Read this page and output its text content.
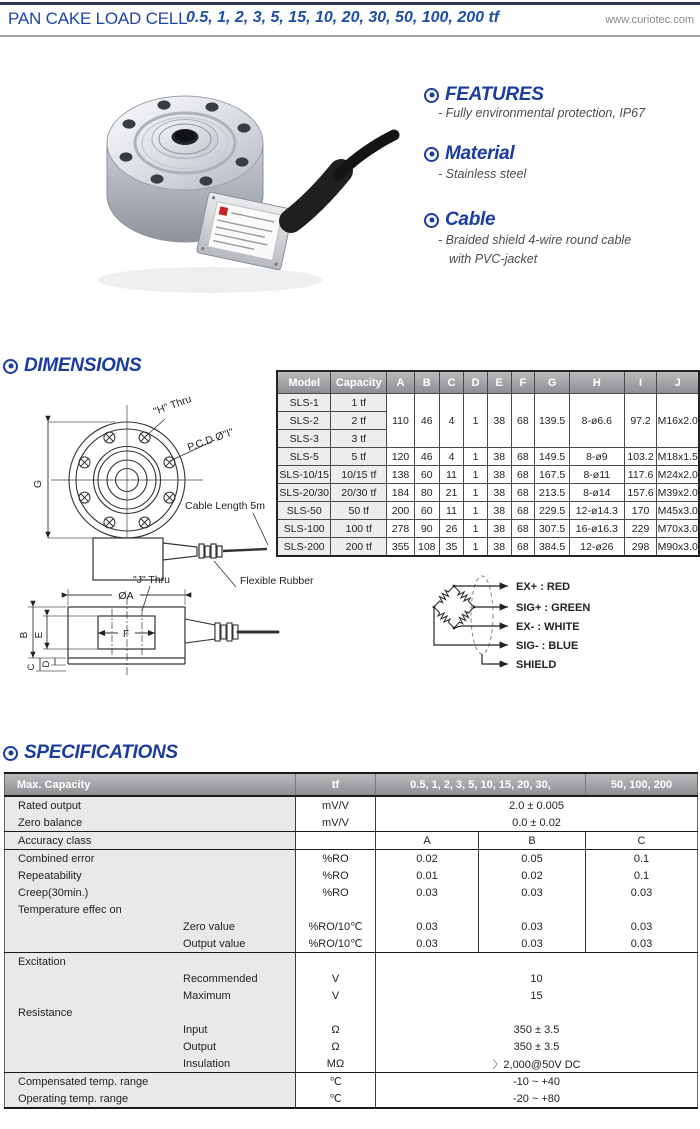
PAN CAKE LOAD CELL
0.5, 1, 2, 3, 5, 15, 10, 20, 30, 50, 100, 200 tf	www.curiotec.com
FEATURES
- Fully environmental protection, IP67
Material
- Stainless steel
Cable
- Braided shield 4-wire round cable
with PVC-jacket
DIMENSIONS
G
"H" Thru
P.C.D Ø"I"
Cable Length 5m
ØA
"J" Thru
B E
C D
F
Flexible Rubber	EX+ : RED
SIG+ : GREEN
EX- : WHITE
SIG- : BLUE
SHIELD
Model	Capacity	A	B	C	D	E	F	G	H	I	J
SLS-1	1 tf	110	46	4	1	38	68	139.5	8-ø6.6	97.2	M16x2.0
SLS-2	2 tf										
SLS-3	3 tf										
SLS-5	5 tf	120	46	4	1	38	68	149.5	8-ø9	103.2	M18x1.5
SLS-10/15	10/15 tf	138	60	11	1	38	68	167.5	8-ø11	117.6	M24x2.0
SLS-20/30	20/30 tf	184	80	21	1	38	68	213.5	8-ø14	157.6	M39x2.0
SLS-50	50 tf	200	60	11	1	38	68	229.5	12-ø14.3	170	M45x3.0
SLS-100	100 tf	278	90	26	1	38	68	307.5	16-ø16.3	229	M70x3.0
SLS-200	200 tf	355	108	35	1	38	68	384.5	12-ø26	298	M90x3.0
SPECIFICATIONS
Max. Capacity	tf	0.5, 1, 2, 3, 5, 10, 15, 20, 30,		50, 100, 200
Rated output	mV/V	2.0 ± 0.005		
Zero balance	mV/V	0.0 ± 0.02		
Accuracy class		A	B	C
Combined error	%RO	0.02	0.05	0.1
Repeatability	%RO	0.01	0.02	0.1
Creep(30min.)	%RO	0.03	0.03	0.03
Temperature effec on				
Zero value	%RO/10℃	0.03	0.03	0.03
Output value	%RO/10℃	0.03	0.03	0.03
Excitation				
Recommended	V	10		
Maximum	V	15		
Resistance				
Input	Ω	350 ± 3.5		
Output	Ω	350 ± 3.5		
Insulation	MΩ	〉2,000@50V DC		
Compensated temp. range	℃	-10 ~ +40		
Operating temp. range	℃	-20 ~ +80		
